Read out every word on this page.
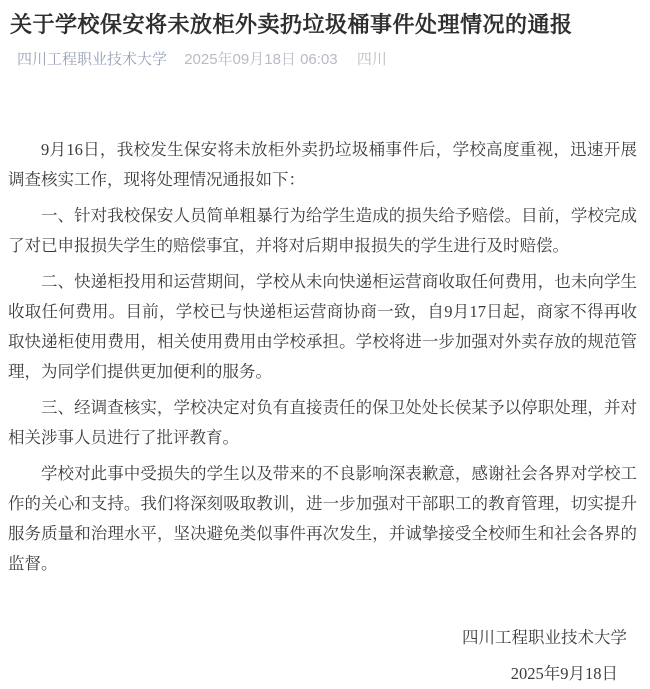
关于学校保安将未放柜外卖扔垃圾桶事件处理情况的通报
四川工程职业技术大学 2025年09月18日 06:03 四川

9月16日，我校发生保安将未放柜外卖扔垃圾桶事件后，学校高度重视，迅速开展调查核实工作，现将处理情况通报如下：

一、针对我校保安人员简单粗暴行为给学生造成的损失给予赔偿。目前，学校完成了对已申报损失学生的赔偿事宜，并将对后期申报损失的学生进行及时赔偿。

二、快递柜投用和运营期间，学校从未向快递柜运营商收取任何费用，也未向学生收取任何费用。目前，学校已与快递柜运营商协商一致，自9月17日起，商家不得再收取快递柜使用费用，相关使用费用由学校承担。学校将进一步加强对外卖存放的规范管理，为同学们提供更加便利的服务。

三、经调查核实，学校决定对负有直接责任的保卫处处长侯某予以停职处理，并对相关涉事人员进行了批评教育。

学校对此事中受损失的学生以及带来的不良影响深表歉意，感谢社会各界对学校工作的关心和支持。我们将深刻吸取教训，进一步加强对干部职工的教育管理，切实提升服务质量和治理水平，坚决避免类似事件再次发生，并诚挚接受全校师生和社会各界的监督。

四川工程职业技术大学
2025年9月18日
